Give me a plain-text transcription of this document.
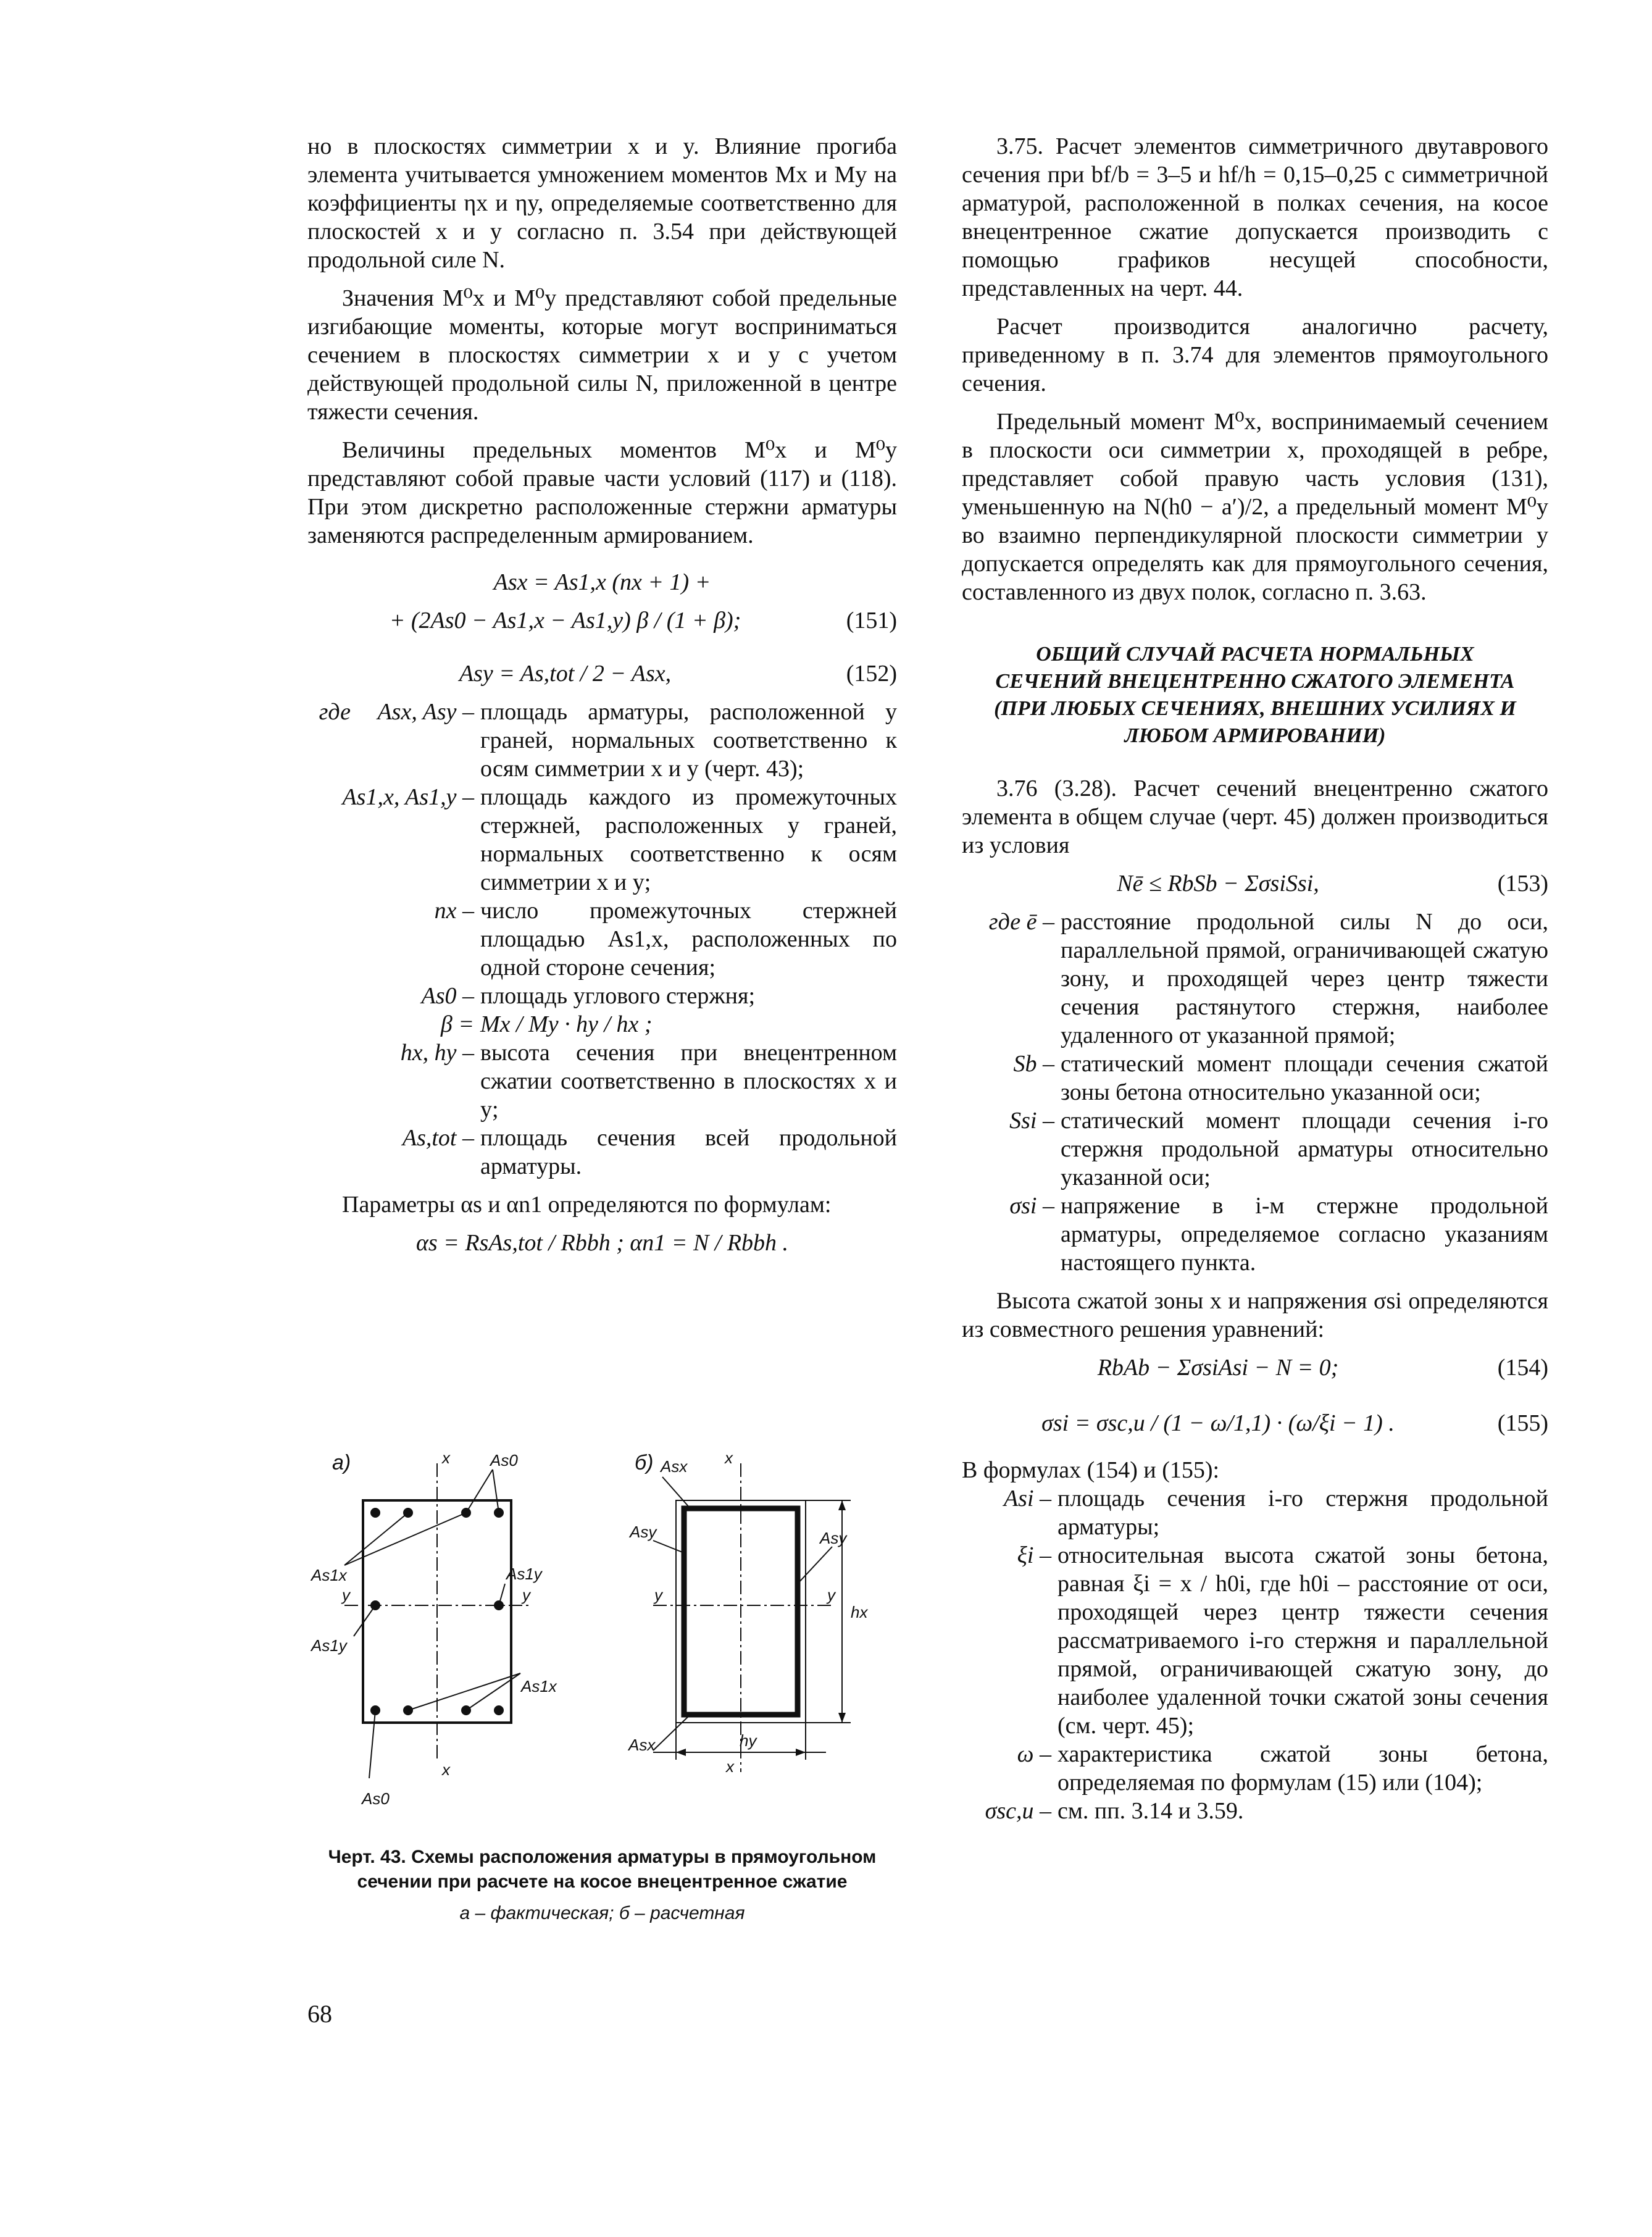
но в плоскостях симметрии x и y. Влияние прогиба элемента учитывается умножением моментов Mx и My на коэффициенты ηx и ηy, определяемые соответственно для плоскостей x и y согласно п. 3.54 при действующей продольной силе N.

Значения M⁰x и M⁰y представляют собой предельные изгибающие моменты, которые могут восприниматься сечением в плоскостях симметрии x и y с учетом действующей продольной силы N, приложенной в центре тяжести сечения.

Величины предельных моментов M⁰x и M⁰y представляют собой правые части условий (117) и (118). При этом дискретно расположенные стержни арматуры заменяются распределенным армированием.

Asx = As1,x (nx + 1) +
+ (2As0 − As1,x − As1,y) β / (1 + β);	(151)
Asy = As,tot / 2 − Asx,	(152)
где	Asx, Asy – площадь арматуры, расположенной у граней, нормальных соответственно к осям симметрии x и y (черт. 43);
As1,x, As1,y – площадь каждого из промежуточных стержней, расположенных у граней, нормальных соответственно к осям симметрии x и y;
nx – число промежуточных стержней площадью As1,x, расположенных по одной стороне сечения;
As0 – площадь углового стержня;
β = Mx / My · hy / hx ;
hx, hy – высота сечения при внецентренном сжатии соответственно в плоскостях x и y;
As,tot – площадь сечения всей продольной арматуры.

Параметры αs и αn1 определяются по формулам:

αs = RsAs,tot / Rbbh ; αn1 = N / Rbbh .

3.75. Расчет элементов симметричного двутаврового сечения при bf/b = 3–5 и hf/h = 0,15–0,25 с симметричной арматурой, расположенной в полках сечения, на косое внецентренное сжатие допускается производить с помощью графиков несущей способности, представленных на черт. 44.

Расчет производится аналогично расчету, приведенному в п. 3.74 для элементов прямоугольного сечения.

Предельный момент M⁰x, воспринимаемый сечением в плоскости оси симметрии x, проходящей в ребре, представляет собой правую часть условия (131), уменьшенную на N(h0 − a′)/2, а предельный момент M⁰y во взаимно перпендикулярной плоскости симметрии y допускается определять как для прямоугольного сечения, составленного из двух полок, согласно п. 3.63.

ОБЩИЙ СЛУЧАЙ РАСЧЕТА НОРМАЛЬНЫХ СЕЧЕНИЙ ВНЕЦЕНТРЕННО СЖАТОГО ЭЛЕМЕНТА (ПРИ ЛЮБЫХ СЕЧЕНИЯХ, ВНЕШНИХ УСИЛИЯХ И ЛЮБОМ АРМИРОВАНИИ)

3.76 (3.28). Расчет сечений внецентренно сжатого элемента в общем случае (черт. 45) должен производиться из условия

Nē ≤ RbSb − ΣσsiSsi,	(153)
где ē – расстояние продольной силы N до оси, параллельной прямой, ограничивающей сжатую зону, и проходящей через центр тяжести сечения растянутого стержня, наиболее удаленного от указанной прямой;
Sb – статический момент площади сечения сжатой зоны бетона относительно указанной оси;
Ssi – статический момент площади сечения i-го стержня продольной арматуры относительно указанной оси;
σsi – напряжение в i-м стержне продольной арматуры, определяемое согласно указаниям настоящего пункта.

Высота сжатой зоны x и напряжения σsi определяются из совместного решения уравнений:

RbAb − ΣσsiAsi − N = 0;	(154)
σsi = σsc,u / (1 − ω/1,1) · (ω/ξi − 1) .	(155)

В формулах (154) и (155):

Asi – площадь сечения i-го стержня продольной арматуры;
ξi – относительная высота сжатой зоны бетона, равная ξi = x / h0i, где h0i – расстояние от оси, проходящей через центр тяжести сечения рассматриваемого i-го стержня и параллельной прямой, ограничивающей сжатую зону, до наиболее удаленной точки сжатой зоны сечения (см. черт. 45);
ω – характеристика сжатой зоны бетона, определяемая по формулам (15) или (104);
σsc,u – см. пп. 3.14 и 3.59.
а)	x
x
y	y
As0
As0
As1x
As1x
As1y
As1y
б)	x
x
y	y
Asx
Asx
Asy	Asy
hx
hy
Черт. 43. Схемы расположения арматуры в прямоугольном сечении при расчете на косое внецентренное сжатие
а – фактическая; б – расчетная
68
